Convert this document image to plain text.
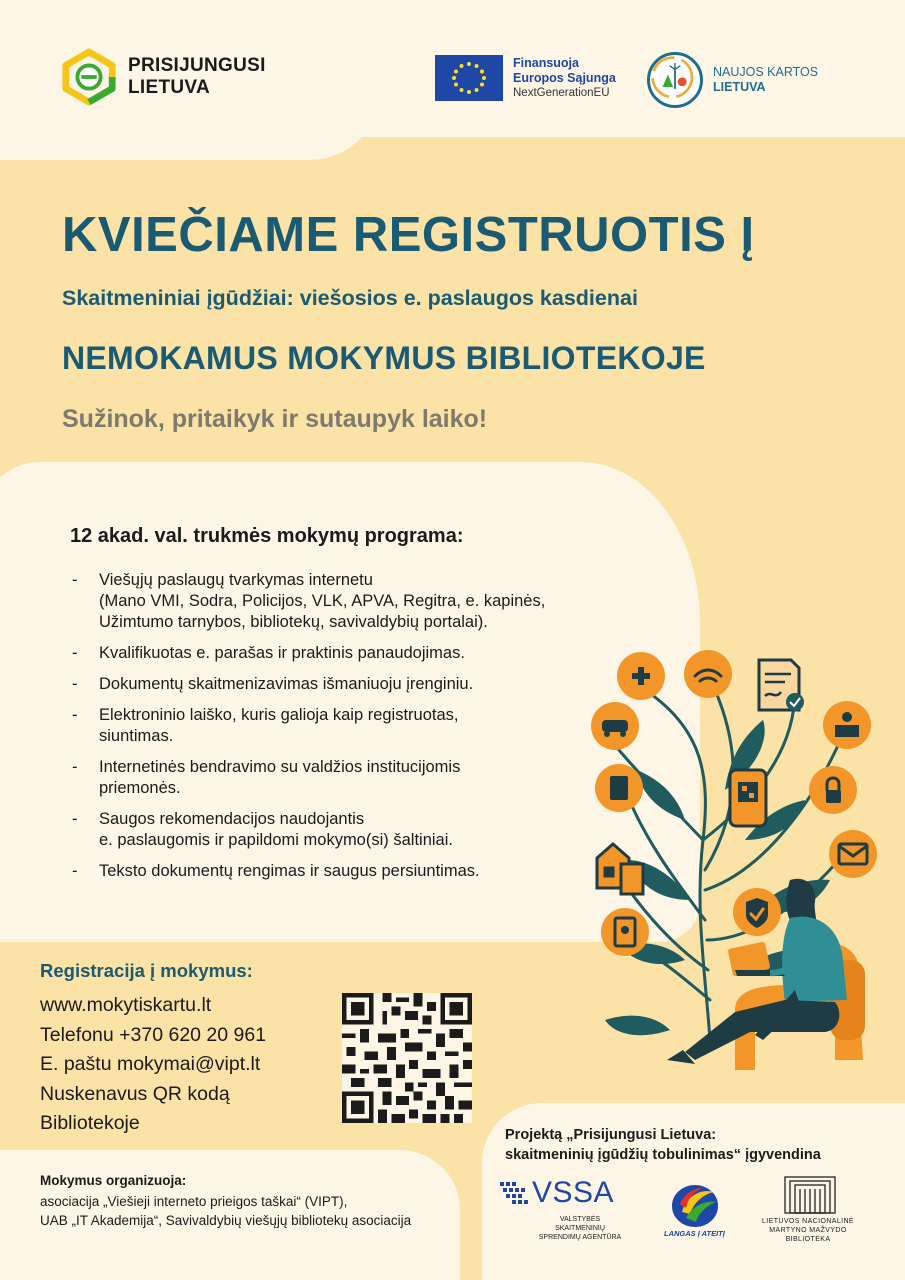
PRISIJUNGUSI
LIETUVA
Finansuoja
Europos Sąjunga
NextGenerationEU
NAUJOS KARTOS
LIETUVA
KVIEČIAME REGISTRUOTIS Į
Skaitmeniniai įgūdžiai: viešosios e. paslaugos kasdienai
NEMOKAMUS MOKYMUS BIBLIOTEKOJE
Sužinok, pritaikyk ir sutaupyk laiko!
12 akad. val. trukmės mokymų programa:
- Viešųjų paslaugų tvarkymas internetu
(Mano VMI, Sodra, Policijos, VLK, APVA, Regitra, e. kapinės,
Užimtumo tarnybos, bibliotekų, savivaldybių portalai).
- Kvalifikuotas e. parašas ir praktinis panaudojimas.
- Dokumentų skaitmenizavimas išmaniuoju įrenginiu.
- Elektroninio laiško, kuris galioja kaip registruotas,
siuntimas.
- Internetinės bendravimo su valdžios institucijomis
priemonės.
- Saugos rekomendacijos naudojantis
e. paslaugomis ir papildomi mokymo(si) šaltiniai.
- Teksto dokumentų rengimas ir saugus persiuntimas.
Registracija į mokymus:
www.mokytiskartu.lt
Telefonu +370 620 20 961
E. paštu mokymai@vipt.lt
Nuskenavus QR kodą
Bibliotekoje
Mokymus organizuoja:
asociacija „Viešieji interneto prieigos taškai“ (VIPT),
UAB „IT Akademija“, Savivaldybių viešųjų bibliotekų asociacija
Projektą „Prisijungusi Lietuva:
skaitmeninių įgūdžių tobulinimas“ įgyvendina
VSSA
VALSTYBĖS SKAITMENINIŲ
SPRENDIMŲ AGENTŪRA	LANGAS Į ATEITĮ
LIETUVOS NACIONALINĖ
MARTYNO MAŽVYDO
BIBLIOTEKA
